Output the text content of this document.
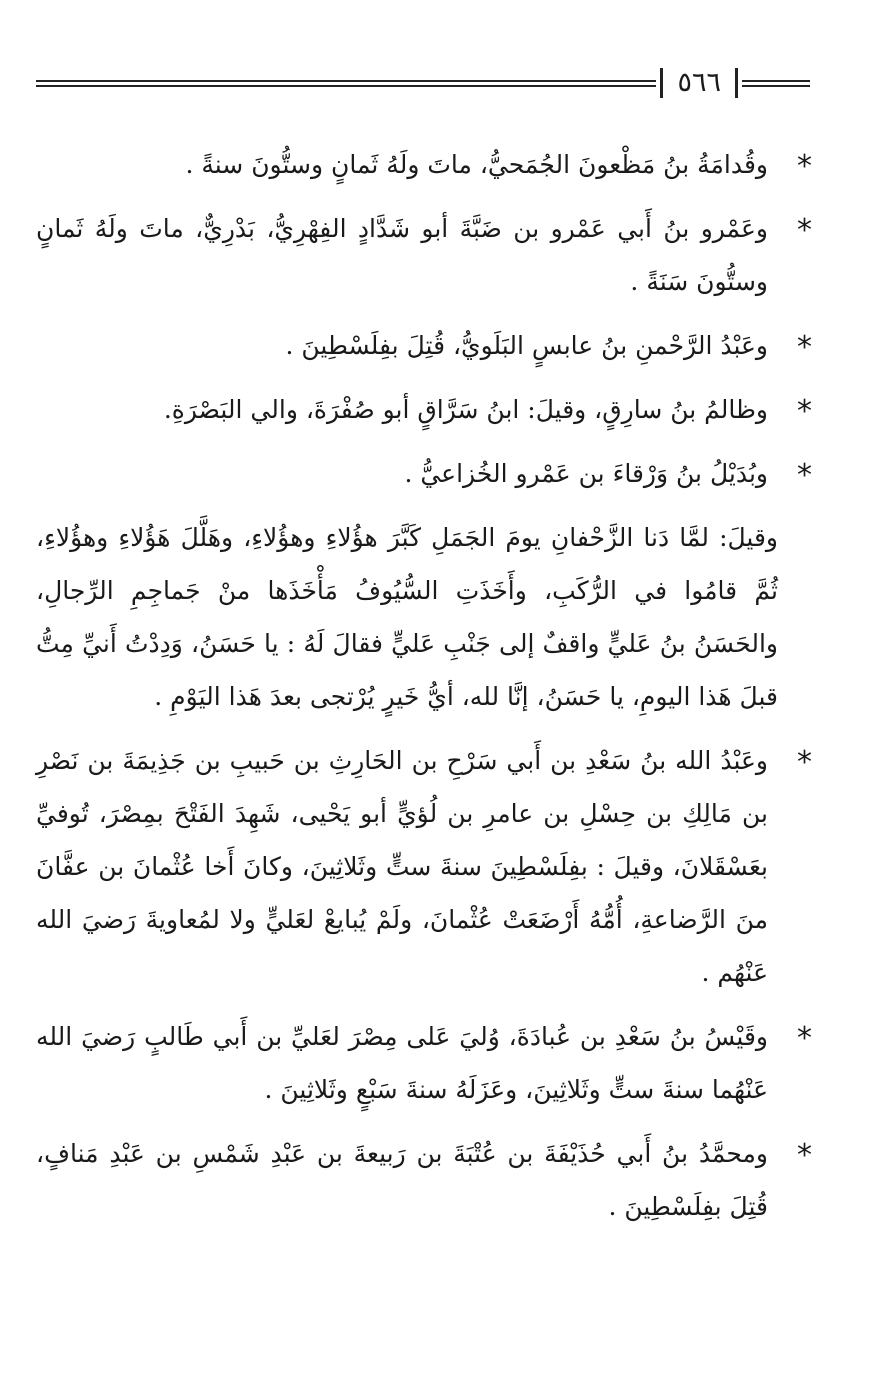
٥٦٦
*
وقُدامَةُ بنُ مَظْعونَ الجُمَحيُّ، ماتَ ولَهُ ثَمانٍ وستُّونَ سنةً .
*
وعَمْرو بنُ أَبي عَمْرو بن ضَبَّةَ أبو شَدَّادٍ الفِهْرِيُّ، بَدْرِيٌّ، ماتَ ولَهُ ثَمانٍ وستُّونَ سَنَةً .
*
وعَبْدُ الرَّحْمنِ بنُ عابسٍ البَلَويُّ، قُتِلَ بفِلَسْطِينَ .
*
وظالمُ بنُ سارِقٍ، وقيلَ: ابنُ سَرَّاقٍ أبو صُفْرَةَ، والي البَصْرَةِ.
*
وبُدَيْلُ بنُ وَرْقاءَ بن عَمْرو الخُزاعيُّ .
وقيلَ: لمَّا دَنا الزَّحْفانِ يومَ الجَمَلِ كَبَّرَ هؤُلاءِ وهؤُلاءِ، وهَلَّلَ هَؤُلاءِ وهؤُلاءِ، ثُمَّ قامُوا في الرُّكَبِ، وأَخَذَتِ السُّيُوفُ مَأْخَذَها منْ جَماجِمِ الرِّجالِ، والحَسَنُ بنُ عَليٍّ واقفٌ إلى جَنْبِ عَليٍّ فقالَ لَهُ : يا حَسَنُ، وَدِدْتُ أَنيِّ مِتُّ قبلَ هَذا اليومِ، يا حَسَنُ، إنَّا لله، أيُّ خَيرٍ يُرْتجى بعدَ هَذا اليَوْمِ .
*
وعَبْدُ الله بنُ سَعْدِ بن أَبي سَرْحِ بن الحَارِثِ بن حَبيبِ بن جَذِيمَةَ بن نَصْرِ بن مَالِكِ بن حِسْلِ بن عامرِ بن لُؤيٍّ أبو يَحْيى، شَهِدَ الفَتْحَ بمِصْرَ، تُوفيِّ بعَسْقَلانَ، وقيلَ : بفِلَسْطِينَ سنةَ ستٍّ وثَلاثِينَ، وكانَ أَخا عُثْمانَ بن عفَّانَ منَ الرَّضاعةِ، أُمُّهُ أَرْضَعَتْ عُثْمانَ، ولَمْ يُبايعْ لعَليٍّ ولا لمُعاويةَ رَضيَ الله عَنْهُم .
*
وقَيْسُ بنُ سَعْدِ بن عُبادَةَ، وُليَ عَلى مِصْرَ لعَليِّ بن أَبي طَالبٍ رَضيَ الله عَنْهُما سنةَ ستٍّ وثَلاثِينَ، وعَزَلَهُ سنةَ سَبْعٍ وثَلاثِينَ .
*
ومحمَّدُ بنُ أَبي حُذَيْفَةَ بن عُتْبَةَ بن رَبيعةَ بن عَبْدِ شَمْسِ بن عَبْدِ مَنافٍ، قُتِلَ بفِلَسْطِينَ .
